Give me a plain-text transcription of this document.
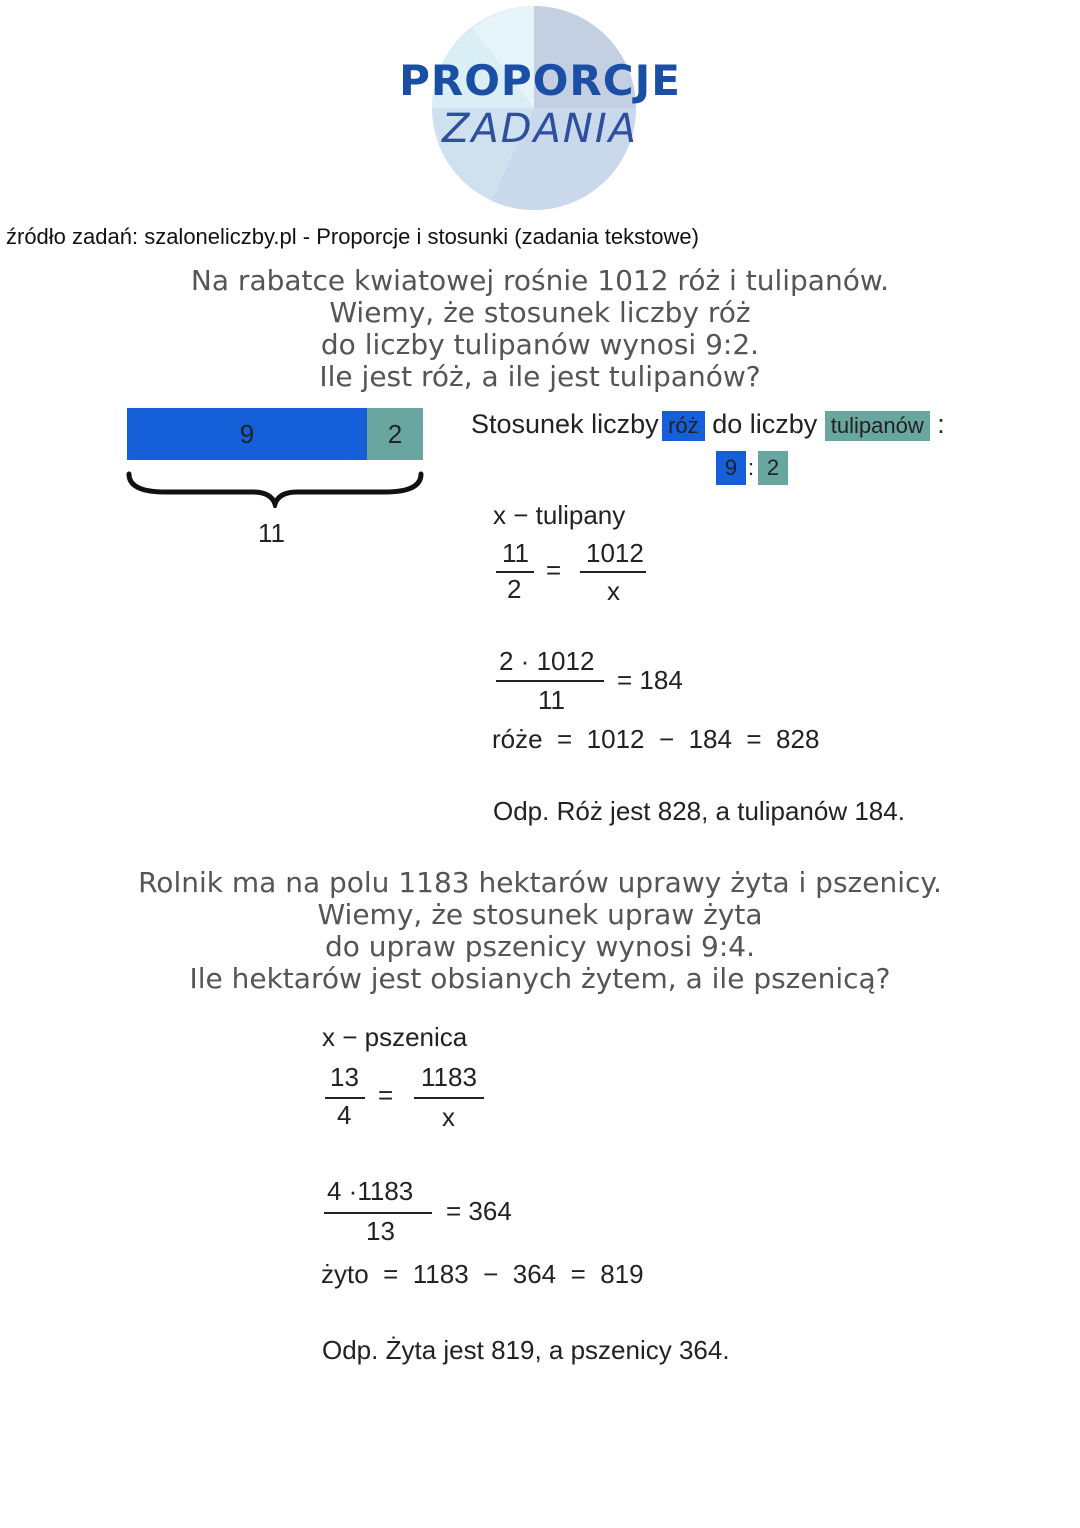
PROPORCJE
ZADANIA
źródło zadań: szaloneliczby.pl - Proporcje i stosunki (zadania tekstowe)
Na rabatce kwiatowej rośnie 1012 róż i tulipanów.
Wiemy, że stosunek liczby róż
do liczby tulipanów wynosi 9:2.
Ile jest róż, a ile jest tulipanów?
9	2
11
Stosunek liczby róż do liczby tulipanów :
9 : 2
x − tulipany
11
2
=
1012
x
2 · 1012
11
= 184
róże  =  1012  −  184  =  828
Odp. Róż jest 828, a tulipanów 184.
Rolnik ma na polu 1183 hektarów uprawy żyta i pszenicy.
Wiemy, że stosunek upraw żyta
do upraw pszenicy wynosi 9:4.
Ile hektarów jest obsianych żytem, a ile pszenicą?
x − pszenica
13
4
=
1183
x
4 ·1183
13
= 364
żyto  =  1183  −  364  =  819
Odp. Żyta jest 819, a pszenicy 364.
